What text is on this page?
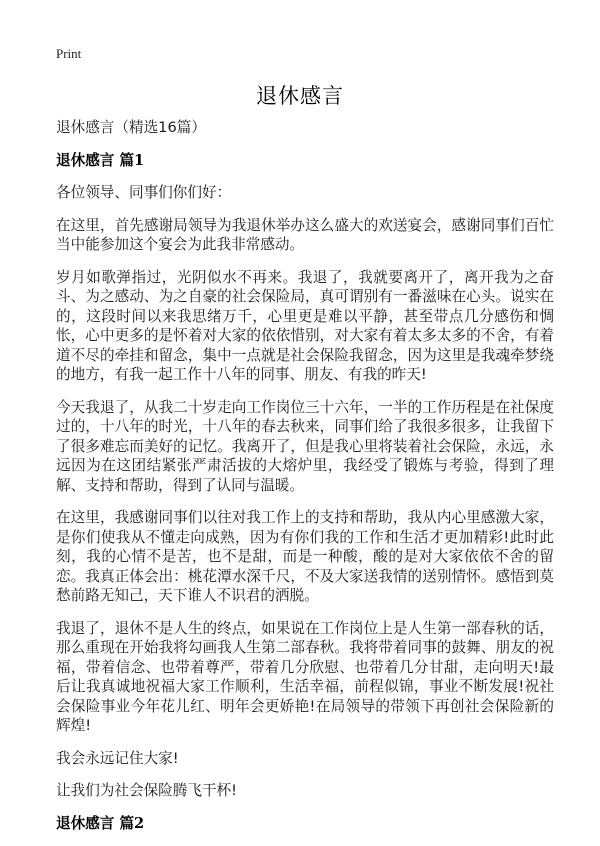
Print
退休感言

退休感言（精选16篇）

退休感言 篇1

各位领导、同事们你们好：

在这里，首先感谢局领导为我退休举办这么盛大的欢送宴会，感谢同事们百忙当中能参加这个宴会为此我非常感动。

岁月如歌弹指过，光阴似水不再来。我退了，我就要离开了，离开我为之奋斗、为之感动、为之自豪的社会保险局，真可谓别有一番滋味在心头。说实在的，这段时间以来我思绪万千，心里更是难以平静，甚至带点几分感伤和惆怅，心中更多的是怀着对大家的依依惜别，对大家有着太多太多的不舍，有着道不尽的牵挂和留念，集中一点就是社会保险我留念，因为这里是我魂牵梦绕的地方，有我一起工作十八年的同事、朋友、有我的昨天!

今天我退了，从我二十岁走向工作岗位三十六年，一半的工作历程是在社保度过的，十八年的时光，十八年的春去秋来，同事们给了我很多很多，让我留下了很多难忘而美好的记忆。我离开了，但是我心里将装着社会保险，永远，永远因为在这团结紧张严肃活拔的大熔炉里，我经受了锻炼与考验，得到了理解、支持和帮助，得到了认同与温暖。

在这里，我感谢同事们以往对我工作上的支持和帮助，我从内心里感激大家，是你们使我从不懂走向成熟，因为有你们我的工作和生活才更加精彩!此时此刻，我的心情不是苦，也不是甜，而是一种酸，酸的是对大家依依不舍的留恋。我真正体会出：桃花潭水深千尺，不及大家送我情的送别情怀。感悟到莫愁前路无知己，天下谁人不识君的洒脱。

我退了，退休不是人生的终点，如果说在工作岗位上是人生第一部春秋的话，那么重现在开始我将勾画我人生第二部春秋。我将带着同事的鼓舞、朋友的祝福，带着信念、也带着尊严，带着几分欣慰、也带着几分甘甜，走向明天!最后让我真诚地祝福大家工作顺利，生活幸福，前程似锦，事业不断发展!祝社会保险事业今年花儿红、明年会更娇艳!在局领导的带领下再创社会保险新的辉煌!

我会永远记住大家!

让我们为社会保险腾飞干杯!

退休感言 篇2
